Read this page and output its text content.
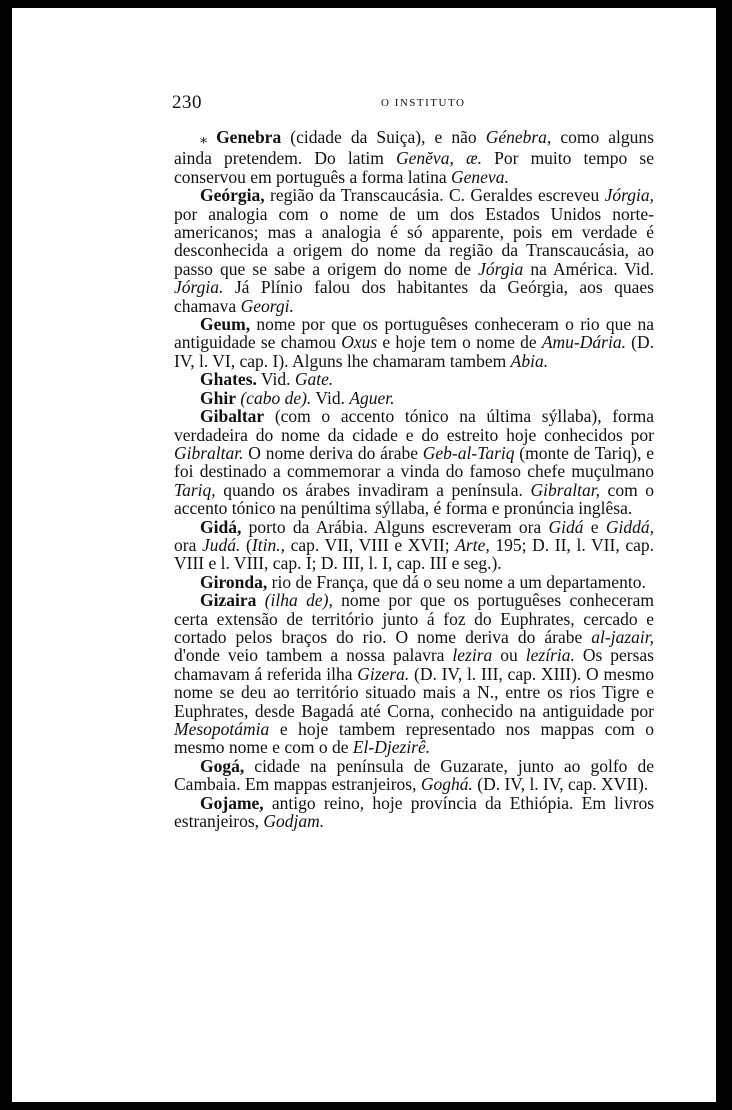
230	O INSTITUTO

⁎ Genebra (cidade da Suiça), e não Génebra, como alguns ainda pretendem. Do latim Genĕva, æ. Por muito tempo se conservou em português a forma latina Geneva.

Geórgia, região da Transcaucásia. C. Geraldes escreveu Jórgia, por analogia com o nome de um dos Estados Unidos norte-americanos; mas a analogia é só apparente, pois em verdade é desconhecida a origem do nome da região da Transcaucásia, ao passo que se sabe a origem do nome de Jórgia na América. Vid. Jórgia. Já Plínio falou dos habitantes da Geórgia, aos quaes chamava Georgi.

Geum, nome por que os portuguêses conheceram o rio que na antiguidade se chamou Oxus e hoje tem o nome de Amu-Dária. (D. IV, l. VI, cap. I). Alguns lhe chamaram tambem Abia.

Ghates. Vid. Gate.

Ghir (cabo de). Vid. Aguer.

Gibaltar (com o accento tónico na última sýllaba), forma verdadeira do nome da cidade e do estreito hoje conhecidos por Gibraltar. O nome deriva do árabe Geb-al-Tariq (monte de Tariq), e foi destinado a commemorar a vinda do famoso chefe muçulmano Tariq, quando os árabes invadiram a península. Gibraltar, com o accento tónico na penúltima sýllaba, é forma e pronúncia inglêsa.

Gidá, porto da Arábia. Alguns escreveram ora Gidá e Giddá, ora Judá. (Itin., cap. VII, VIII e XVII; Arte, 195; D. II, l. VII, cap. VIII e l. VIII, cap. I; D. III, l. I, cap. III e seg.).

Gironda, rio de França, que dá o seu nome a um departamento.

Gizaira (ilha de), nome por que os portuguêses conheceram certa extensão de território junto á foz do Euphrates, cercado e cortado pelos braços do rio. O nome deriva do árabe al-jazair, d'onde veio tambem a nossa palavra lezira ou lezíria. Os persas chamavam á referida ilha Gizera. (D. IV, l. III, cap. XIII). O mesmo nome se deu ao território situado mais a N., entre os rios Tigre e Euphrates, desde Bagadá até Corna, conhecido na antiguidade por Mesopotámia e hoje tambem representado nos mappas com o mesmo nome e com o de El-Djezirê.

Gogá, cidade na península de Guzarate, junto ao golfo de Cambaia. Em mappas estranjeiros, Goghá. (D. IV, l. IV, cap. XVII).

Gojame, antigo reino, hoje província da Ethiópia. Em livros estranjeiros, Godjam.
